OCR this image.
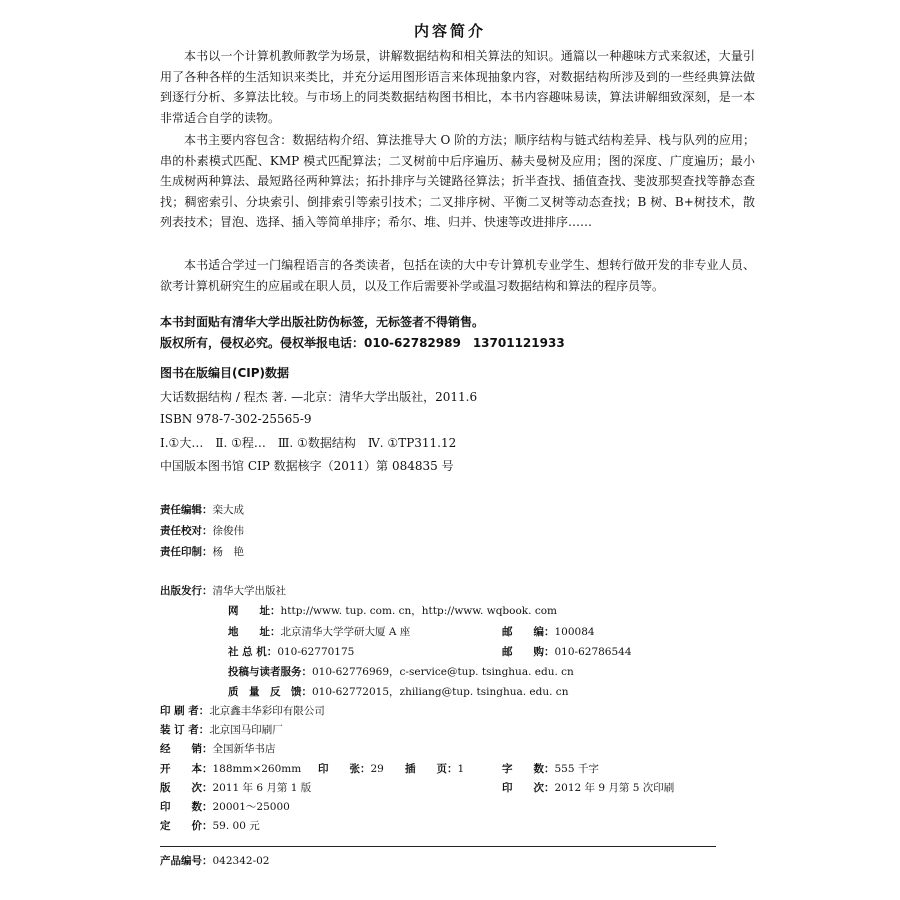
内容简介
本书以一个计算机教师教学为场景，讲解数据结构和相关算法的知识。通篇以一种趣味方式来叙述，大量引用了各种各样的生活知识来类比，并充分运用图形语言来体现抽象内容，对数据结构所涉及到的一些经典算法做到逐行分析、多算法比较。与市场上的同类数据结构图书相比，本书内容趣味易读，算法讲解细致深刻，是一本非常适合自学的读物。
本书主要内容包含：数据结构介绍、算法推导大 O 阶的方法；顺序结构与链式结构差异、栈与队列的应用；串的朴素模式匹配、KMP 模式匹配算法；二叉树前中后序遍历、赫夫曼树及应用；图的深度、广度遍历；最小生成树两种算法、最短路径两种算法；拓扑排序与关键路径算法；折半查找、插值查找、斐波那契查找等静态查找；稠密索引、分块索引、倒排索引等索引技术；二叉排序树、平衡二叉树等动态查找；B 树、B+树技术，散列表技术；冒泡、选择、插入等简单排序；希尔、堆、归并、快速等改进排序……
本书适合学过一门编程语言的各类读者，包括在读的大中专计算机专业学生、想转行做开发的非专业人员、欲考计算机研究生的应届或在职人员，以及工作后需要补学或温习数据结构和算法的程序员等。
本书封面贴有清华大学出版社防伪标签，无标签者不得销售。
版权所有，侵权必究。侵权举报电话：010-62782989　13701121933
图书在版编目(CIP)数据
大话数据结构 / 程杰 著. —北京：清华大学出版社，2011.6
ISBN 978-7-302-25565-9
Ⅰ.①大…　Ⅱ. ①程…　Ⅲ. ①数据结构　Ⅳ. ①TP311.12
中国版本图书馆 CIP 数据核字（2011）第 084835 号
责任编辑：栾大成
责任校对：徐俊伟
责任印制：杨　艳
出版发行：清华大学出版社
网　　址：http://www. tup. com. cn，http://www. wqbook. com
地　　址：北京清华大学学研大厦 A 座	邮　　编：100084
社 总 机：010-62770175	邮　　购：010-62786544
投稿与读者服务：010-62776969，c-service@tup. tsinghua. edu. cn
质　量　反　馈：010-62772015，zhiliang@tup. tsinghua. edu. cn
印 刷 者：北京鑫丰华彩印有限公司
装 订 者：北京国马印刷厂
经　　销：全国新华书店
开　　本：188mm×260mm 印　　张：29 插　　页：1	字　　数：555 千字
版　　次：2011 年 6 月第 1 版	印　　次：2012 年 9 月第 5 次印刷
印　　数：20001～25000
定　　价：59. 00 元
产品编号：042342-02
